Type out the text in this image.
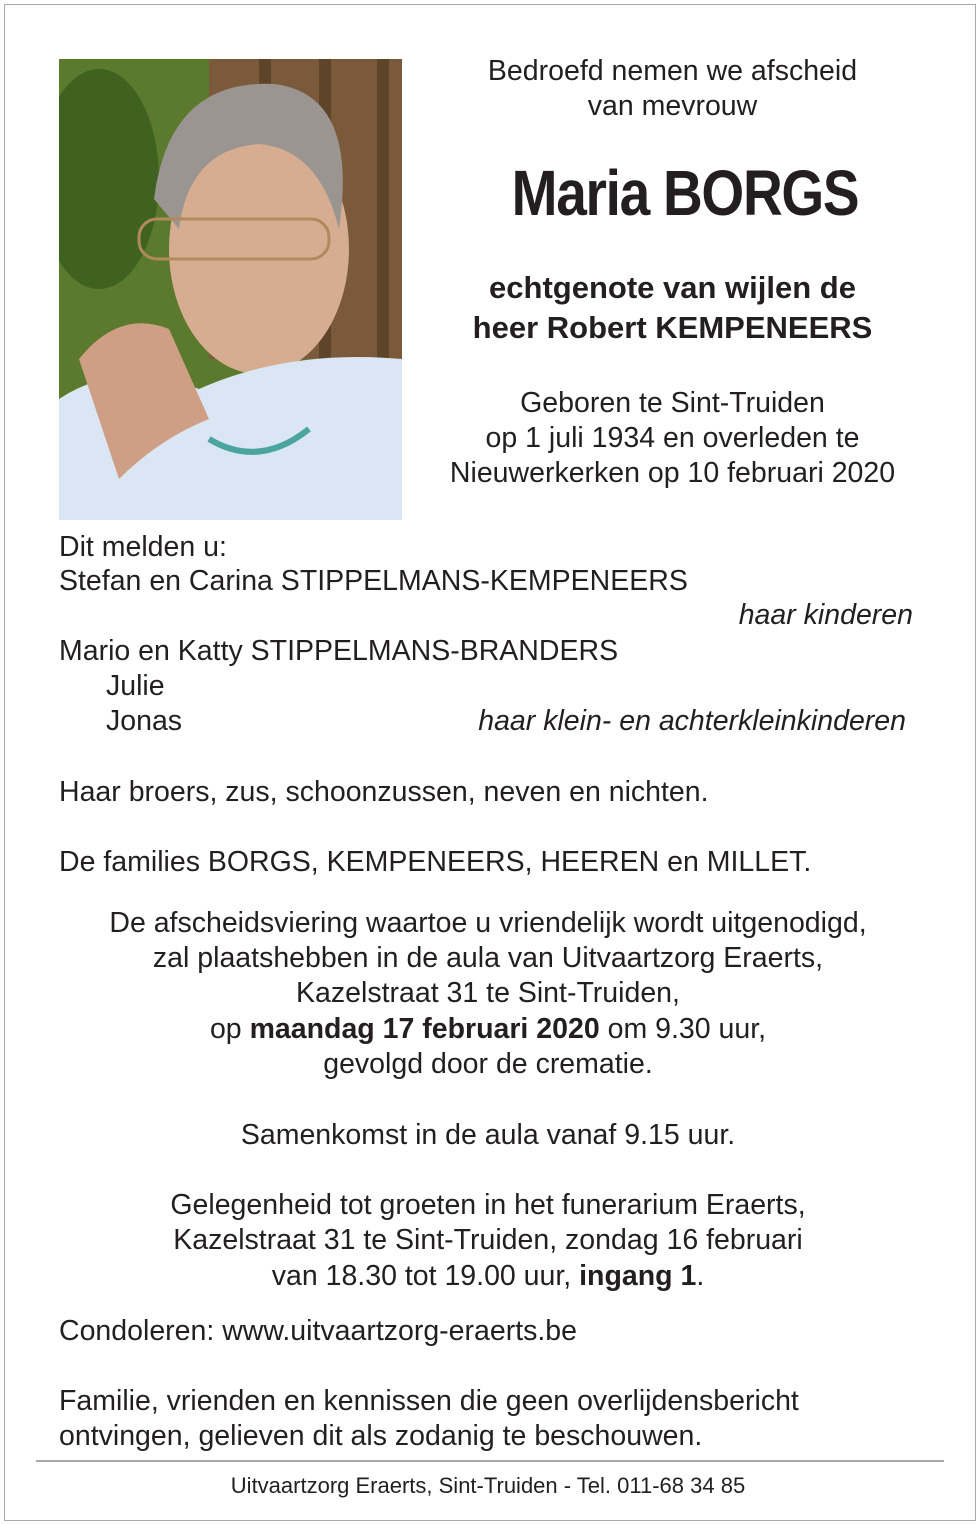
Bedroefd nemen we afscheid

van mevrouw

Maria BORGS

echtgenote van wijlen de

heer Robert KEMPENEERS

Geboren te Sint-Truiden

op 1 juli 1934 en overleden te

Nieuwerkerken op 10 februari 2020

Dit melden u:

Stefan en Carina STIPPELMANS-KEMPENEERS

haar kinderen

Mario en Katty STIPPELMANS-BRANDERS

Julie

Jonas	haar klein- en achterkleinkinderen

Haar broers, zus, schoonzussen, neven en nichten.

De families BORGS, KEMPENEERS, HEEREN en MILLET.

De afscheidsviering waartoe u vriendelijk wordt uitgenodigd,

zal plaatshebben in de aula van Uitvaartzorg Eraerts,

Kazelstraat 31 te Sint-Truiden,

op maandag 17 februari 2020 om 9.30 uur,

gevolgd door de crematie.

Samenkomst in de aula vanaf 9.15 uur.

Gelegenheid tot groeten in het funerarium Eraerts,

Kazelstraat 31 te Sint-Truiden, zondag 16 februari

van 18.30 tot 19.00 uur, ingang 1.

Condoleren: www.uitvaartzorg-eraerts.be

Familie, vrienden en kennissen die geen overlijdensbericht

ontvingen, gelieven dit als zodanig te beschouwen.

Uitvaartzorg Eraerts, Sint-Truiden - Tel. 011-68 34 85
